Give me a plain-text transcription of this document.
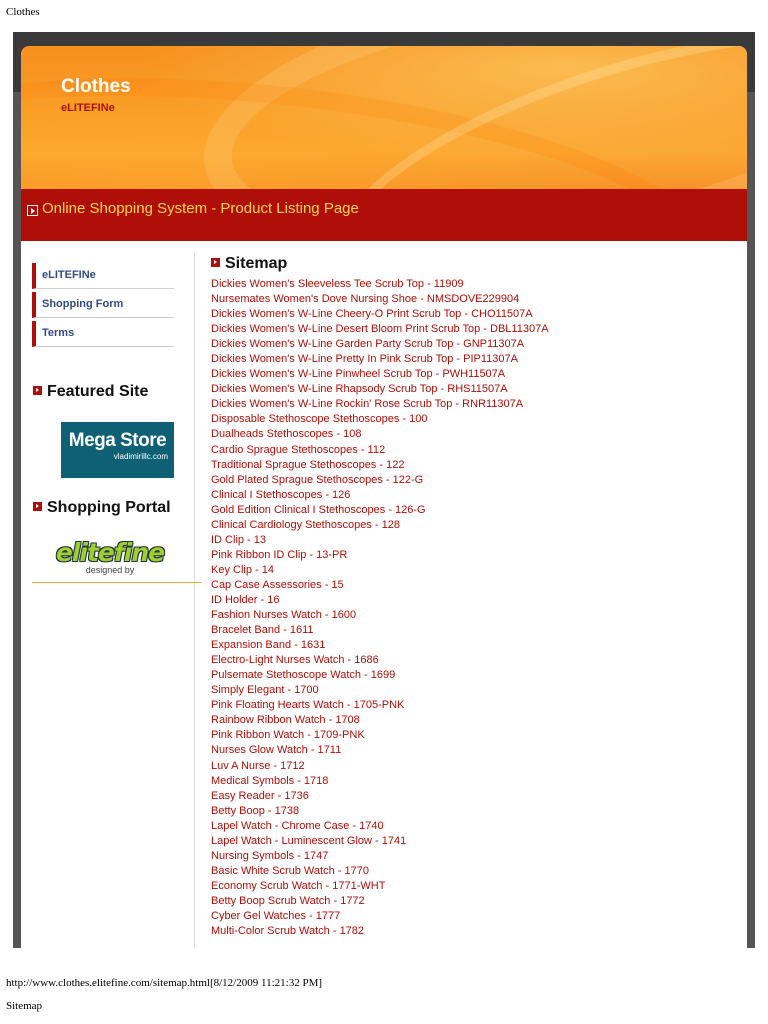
Clothes
Clothes
eLITEFINe
Online Shopping System - Product Listing Page
eLITEFINe
Shopping Form
Terms
Featured Site
Mega Store
vladimirillc.com
Shopping Portal
elitefine
designed by
Sitemap
Dickies Women's Sleeveless Tee Scrub Top - 11909
Nursemates Women's Dove Nursing Shoe - NMSDOVE229904
Dickies Women's W-Line Cheery-O Print Scrub Top - CHO11507A
Dickies Women's W-Line Desert Bloom Print Scrub Top - DBL11307A
Dickies Women's W-Line Garden Party Scrub Top - GNP11307A
Dickies Women's W-Line Pretty In Pink Scrub Top - PIP11307A
Dickies Women's W-Line Pinwheel Scrub Top - PWH11507A
Dickies Women's W-Line Rhapsody Scrub Top - RHS11507A
Dickies Women's W-Line Rockin' Rose Scrub Top - RNR11307A
Disposable Stethoscope Stethoscopes - 100
Dualheads Stethoscopes - 108
Cardio Sprague Stethoscopes - 112
Traditional Sprague Stethoscopes - 122
Gold Plated Sprague Stethoscopes - 122-G
Clinical I Stethoscopes - 126
Gold Edition Clinical I Stethoscopes - 126-G
Clinical Cardiology Stethoscopes - 128
ID Clip - 13
Pink Ribbon ID Clip - 13-PR
Key Clip - 14
Cap Case Assessories - 15
ID Holder - 16
Fashion Nurses Watch - 1600
Bracelet Band - 1611
Expansion Band - 1631
Electro-Light Nurses Watch - 1686
Pulsemate Stethoscope Watch - 1699
Simply Elegant - 1700
Pink Floating Hearts Watch - 1705-PNK
Rainbow Ribbon Watch - 1708
Pink Ribbon Watch - 1709-PNK
Nurses Glow Watch - 1711
Luv A Nurse - 1712
Medical Symbols - 1718
Easy Reader - 1736
Betty Boop - 1738
Lapel Watch - Chrome Case - 1740
Lapel Watch - Luminescent Glow - 1741
Nursing Symbols - 1747
Basic White Scrub Watch - 1770
Economy Scrub Watch - 1771-WHT
Betty Boop Scrub Watch - 1772
Cyber Gel Watches - 1777
Multi-Color Scrub Watch - 1782
http://www.clothes.elitefine.com/sitemap.html[8/12/2009 11:21:32 PM]
Sitemap
